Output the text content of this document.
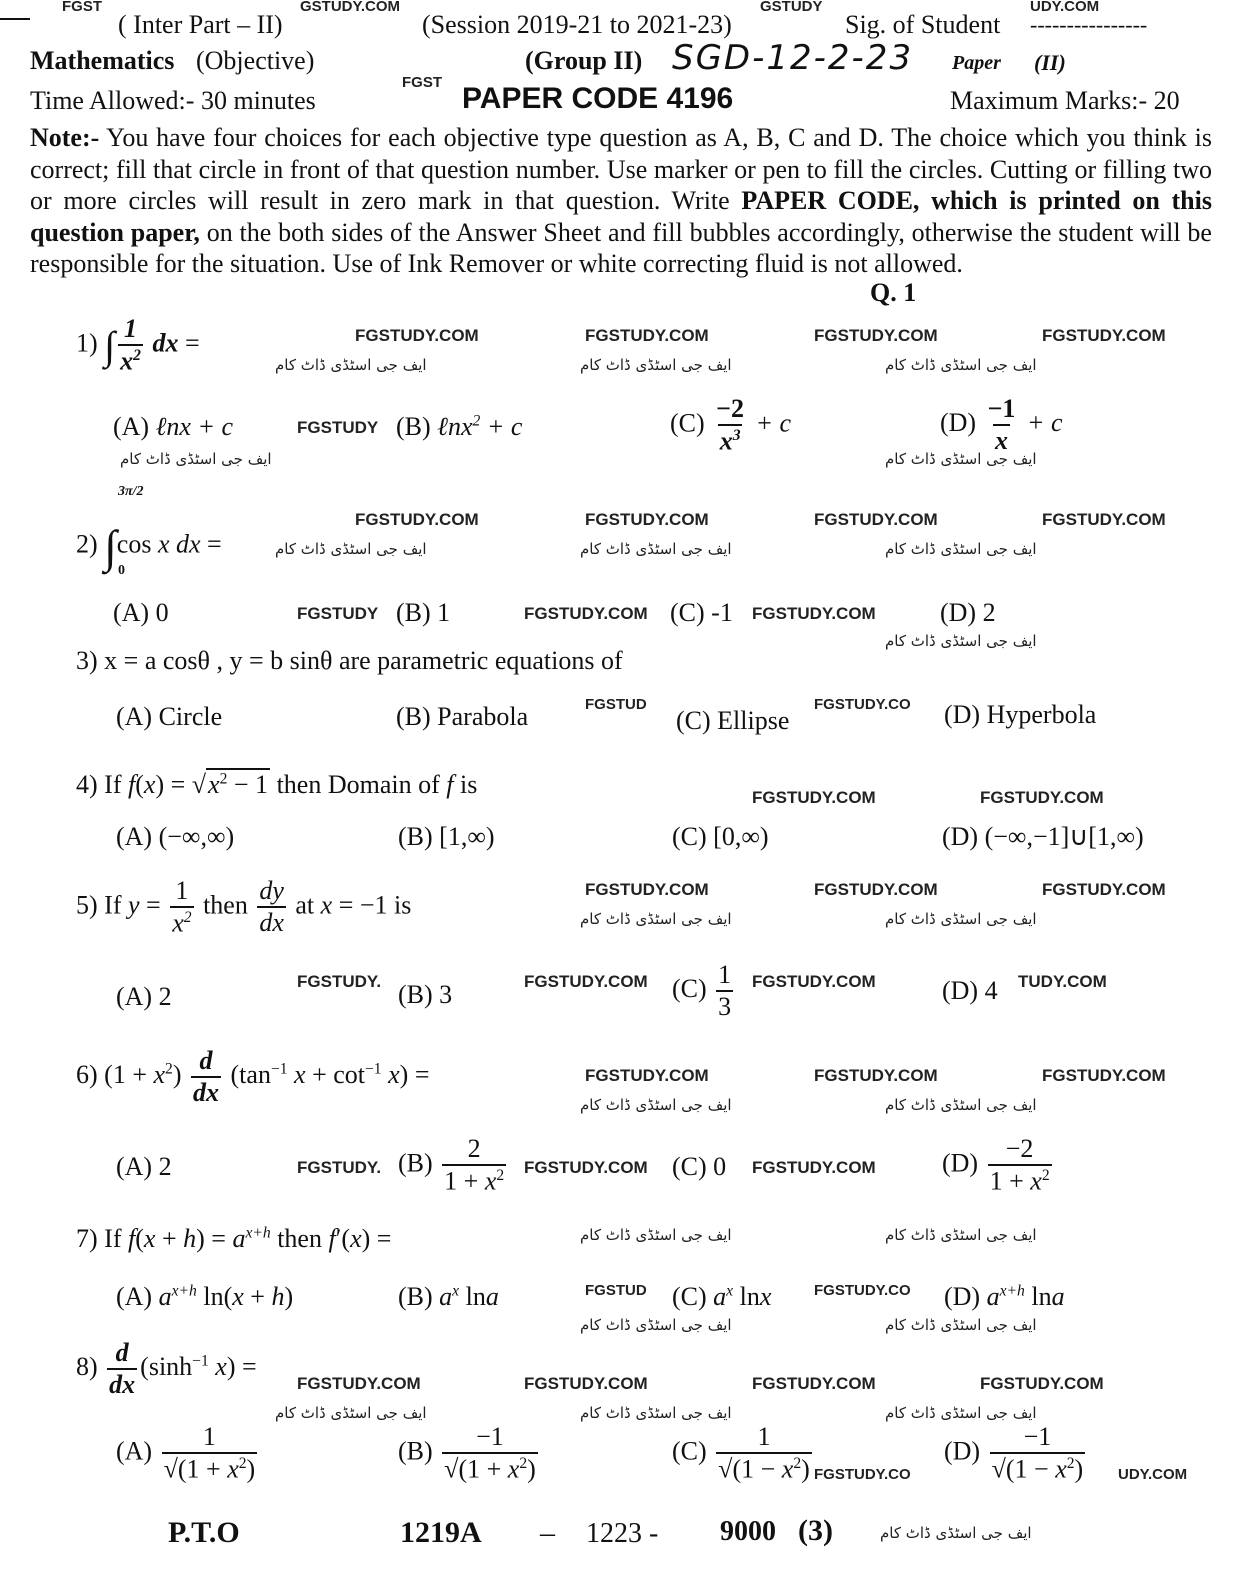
FGST	GSTUDY.COM	GSTUDY	UDY.COM
( Inter Part – II)	(Session 2019-21 to 2021-23)	Sig. of Student ----------------
Mathematics (Objective)	(Group II) SGD-12-2-23 Paper (II)
Time Allowed:- 30 minutes
FGST PAPER CODE 4196	Maximum Marks:- 20
Note:- You have four choices for each objective type question as A, B, C and D. The choice which you think is correct; fill that circle in front of that question number. Use marker or pen to fill the circles. Cutting or filling two or more circles will result in zero mark in that question. Write PAPER CODE, which is printed on this question paper, on the both sides of the Answer Sheet and fill bubbles accordingly, otherwise the student will be responsible for the situation. Use of Ink Remover or white correcting fluid is not allowed.
Q. 1
1) ∫ $\frac{1}{x^2}$ dx =	FGSTUDY.COM	FGSTUDY.COM	FGSTUDY.COM	FGSTUDY.COM
ایف جی اسٹڈی ڈاٹ کام	ایف جی اسٹڈی ڈاٹ کام	ایف جی اسٹڈی ڈاٹ کام
(A) ℓnx + c	FGSTUDY (B) ℓnx$^2$ + c	$(C) \frac{-2}{x^3} + c$	$(D) \frac{-1}{x} + c$
ایف جی اسٹڈی ڈاٹ کام	ایف جی اسٹڈی ڈاٹ کام
3π/2
2) ∫cos x dx =
0
FGSTUDY.COM	FGSTUDY.COM	FGSTUDY.COM	FGSTUDY.COM
ایف جی اسٹڈی ڈاٹ کام	ایف جی اسٹڈی ڈاٹ کام	ایف جی اسٹڈی ڈاٹ کام
(A) 0	FGSTUDY (B) 1	FGSTUDY.COM (C) -1 FGSTUDY.COM (D) 2
ایف جی اسٹڈی ڈاٹ کام
3) x = a cosθ , y = b sinθ are parametric equations of
(A) Circle	(B) Parabola	(C) Ellipse	(D) Hyperbola
FGSTUD	FGSTUDY.CO
4) If $f(x) = √x^2 - 1$ then Domain of f is	FGSTUDY.COM	FGSTUDY.COM
(A) (−∞,∞)	(B) [1,∞)	(C) [0,∞)	(D) (−∞,−1]∪[1,∞)
5) If $y = \frac{1}{x^2}$ then $\frac{dy}{dx}$ at x = −1 is
FGSTUDY.COM	FGSTUDY.COM	FGSTUDY.COM
ایف جی اسٹڈی ڈاٹ کام	ایف جی اسٹڈی ڈاٹ کام
(A) 2
FGSTUDY. (B) 3	FGSTUDY.COM $(C) \frac{1}{3}$ FGSTUDY.COM	(D) 4 TUDY.COM
6) $(1 + x^2) \frac{d}{dx} (\tan^{-1}$ $x + \cot^{-1} x$) =	FGSTUDY.COM	FGSTUDY.COM	FGSTUDY.COM
ایف جی اسٹڈی ڈاٹ کام	ایف جی اسٹڈی ڈاٹ کام
(A) 2	FGSTUDY. $(B) \frac{2}{1 + x^2}$ FGSTUDY.COM (C) 0 FGSTUDY.COM	$(D) \frac{-2}{1 + x^2}$
7) If $f(x + h) = a^{x+h}$ then f′(x) =	ایف جی اسٹڈی ڈاٹ کام	ایف جی اسٹڈی ڈاٹ کام
(A) $a^{x+h}$ ln(x + h)	(B) $a^x$ lna	FGSTUD (C) $a^x$ lnx	FGSTUDY.CO (D) $a^{x+h}$ lna
ایف جی اسٹڈی ڈاٹ کام	ایف جی اسٹڈی ڈاٹ کام
$8) \frac{d}{dx} (\sinh^{-1}$ x) =
FGSTUDY.COM	FGSTUDY.COM	FGSTUDY.COM	FGSTUDY.COM
ایف جی اسٹڈی ڈاٹ کام	ایف جی اسٹڈی ڈاٹ کام	ایف جی اسٹڈی ڈاٹ کام
$(A) \frac{1}{√(1 + x^2)}$	$(B) \frac{-1}{√(1 + x^2)}$	$(C) \frac{1}{√(1 - x^2)}$ FGSTUDY.CO
$(D) \frac{-1}{√(1 - x^2)} UDY.COM$
P.T.O	1219A – 1223 - 9000 (3)	ایف جی اسٹڈی ڈاٹ کام
